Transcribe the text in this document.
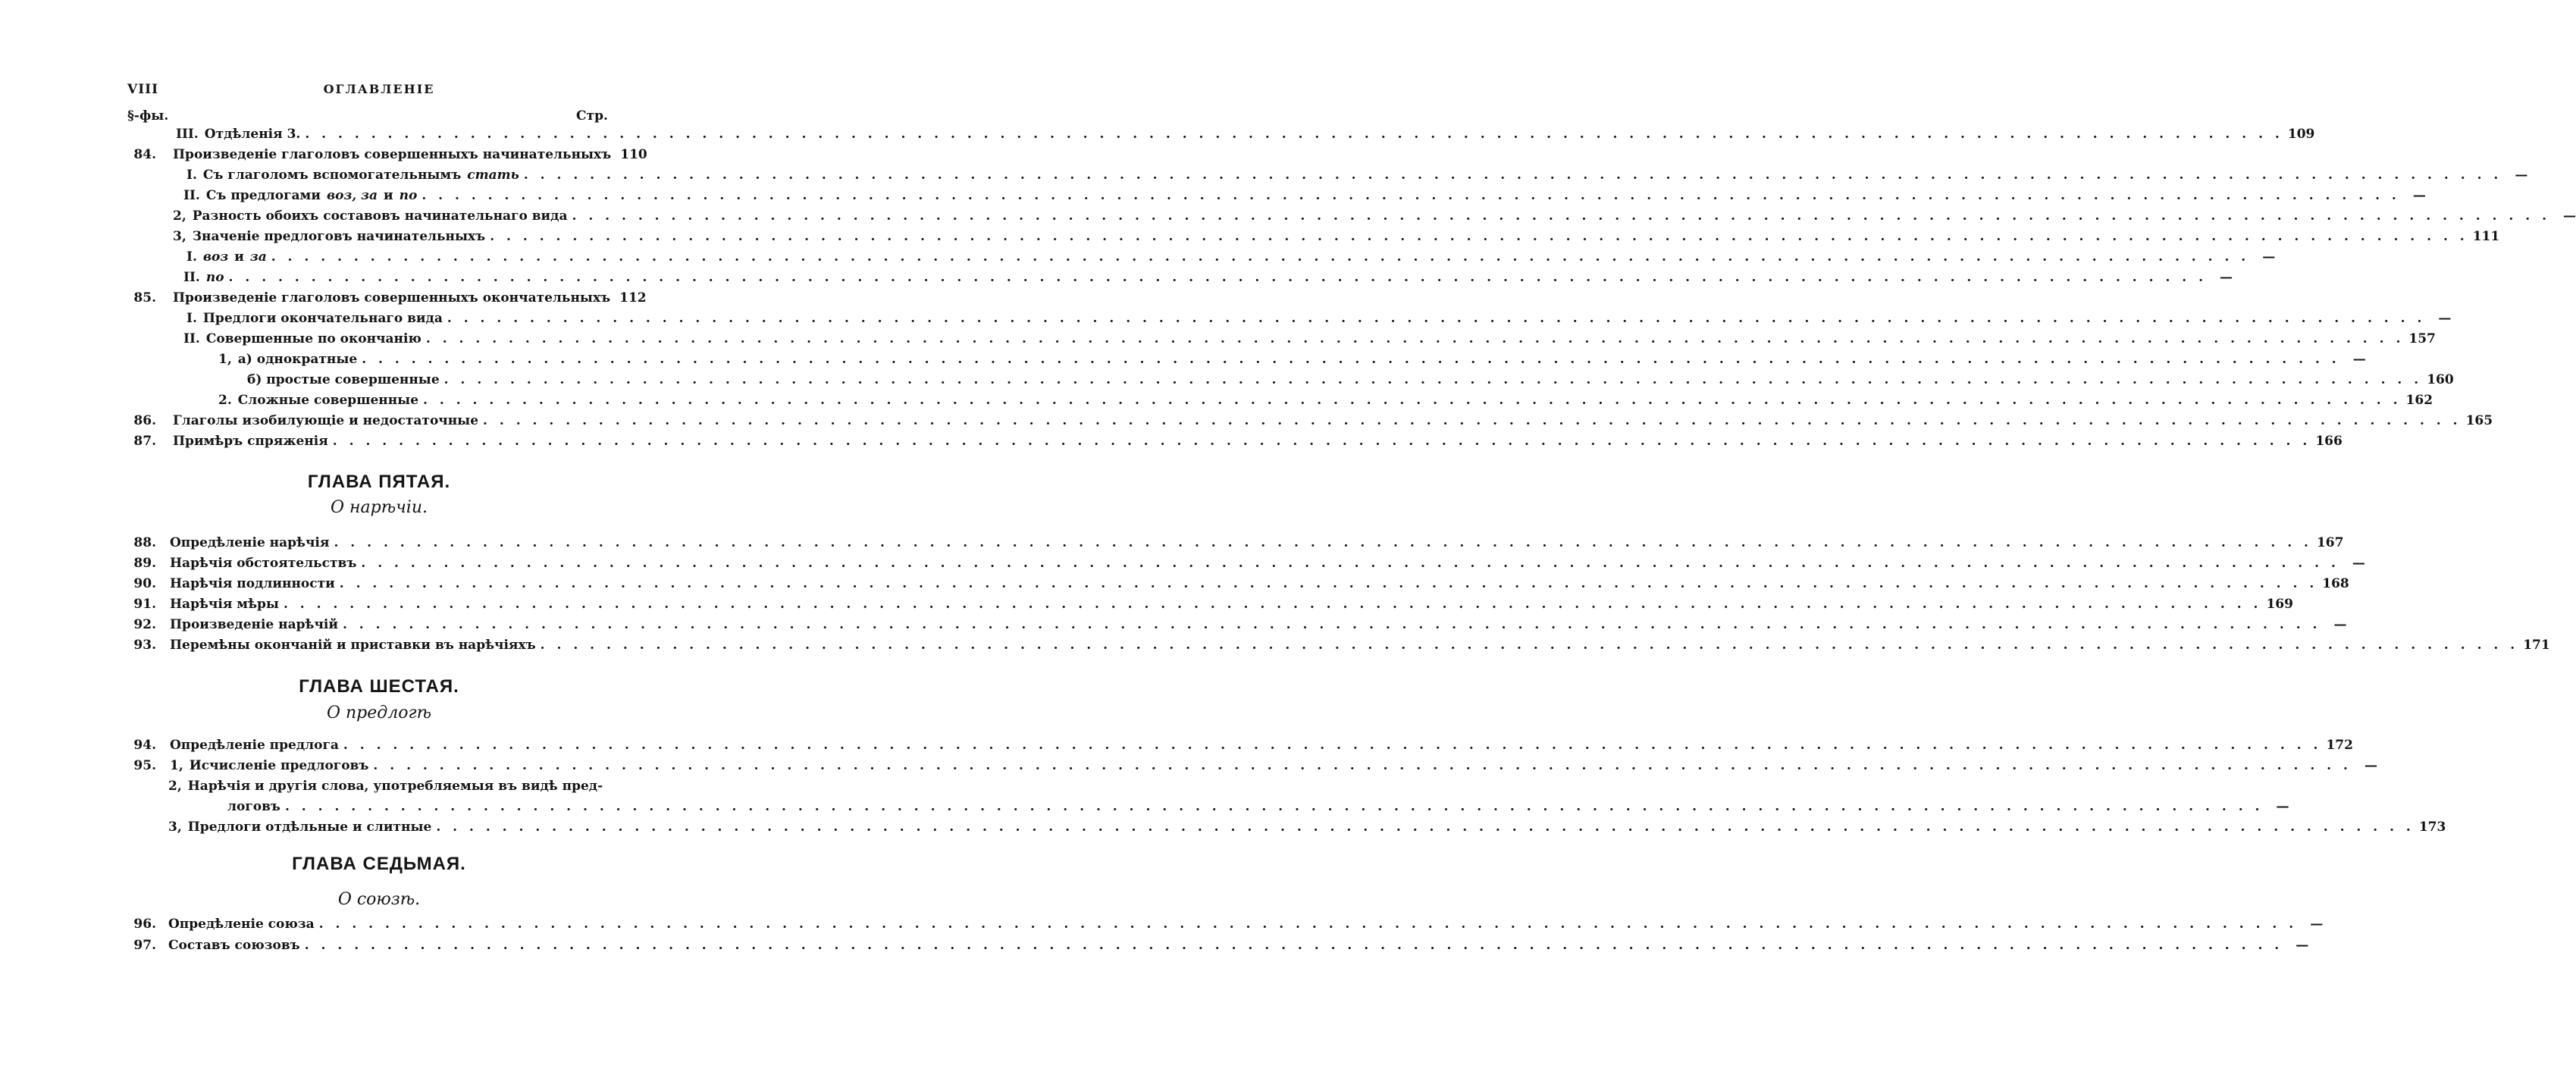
VIII	ОГЛАВЛЕНІЕ
§-фы.	Стр.
III. Отдѣленія 3. . . . . . . . . . . . . . . . . . . . . . . . . . . . . . . . . . . . . . . . . . . . . . . . . . . . . . . . . . . . . . . . . . . . . . . . . . . . . . . . . . . . . . . . . . . . . . . . . . . . . . . . . . . . . . . . . . . . . . . . . 109
84. Произведеніе глаголовъ совершенныхъ начинательныхъ 110
I. Съ глаголомъ вспомогательнымъ стать . . . . . . . . . . . . . . . . . . . . . . . . . . . . . . . . . . . . . . . . . . . . . . . . . . . . . . . . . . . . . . . . . . . . . . . . . . . . . . . . . . . . . . . . . . . . . . . . . . . . . . . . . . . . . . . . . . . . . . . .	—
II. Съ предлогами воз, за и по . . . . . . . . . . . . . . . . . . . . . . . . . . . . . . . . . . . . . . . . . . . . . . . . . . . . . . . . . . . . . . . . . . . . . . . . . . . . . . . . . . . . . . . . . . . . . . . . . . . . . . . . . . . . . . . . . . . . . . . .	—
2, Разность обоихъ составовъ начинательнаго вида . . . . . . . . . . . . . . . . . . . . . . . . . . . . . . . . . . . . . . . . . . . . . . . . . . . . . . . . . . . . . . . . . . . . . . . . . . . . . . . . . . . . . . . . . . . . . . . . . . . . . . . . . . . . . . . . . . . . . . . .	—
3, Значеніе предлоговъ начинательныхъ . . . . . . . . . . . . . . . . . . . . . . . . . . . . . . . . . . . . . . . . . . . . . . . . . . . . . . . . . . . . . . . . . . . . . . . . . . . . . . . . . . . . . . . . . . . . . . . . . . . . . . . . . . . . . . . . . . . . . . . . 111
I. воз и за . . . . . . . . . . . . . . . . . . . . . . . . . . . . . . . . . . . . . . . . . . . . . . . . . . . . . . . . . . . . . . . . . . . . . . . . . . . . . . . . . . . . . . . . . . . . . . . . . . . . . . . . . . . . . . . . . . . . . . . .	—
II. по . . . . . . . . . . . . . . . . . . . . . . . . . . . . . . . . . . . . . . . . . . . . . . . . . . . . . . . . . . . . . . . . . . . . . . . . . . . . . . . . . . . . . . . . . . . . . . . . . . . . . . . . . . . . . . . . . . . . . . . .	—
85. Произведеніе глаголовъ совершенныхъ окончательныхъ 112
I. Предлоги окончательнаго вида . . . . . . . . . . . . . . . . . . . . . . . . . . . . . . . . . . . . . . . . . . . . . . . . . . . . . . . . . . . . . . . . . . . . . . . . . . . . . . . . . . . . . . . . . . . . . . . . . . . . . . . . . . . . . . . . . . . . . . . .	—
II. Совершенные по окончанію . . . . . . . . . . . . . . . . . . . . . . . . . . . . . . . . . . . . . . . . . . . . . . . . . . . . . . . . . . . . . . . . . . . . . . . . . . . . . . . . . . . . . . . . . . . . . . . . . . . . . . . . . . . . . . . . . . . . . . . . 157
1, а) однократные . . . . . . . . . . . . . . . . . . . . . . . . . . . . . . . . . . . . . . . . . . . . . . . . . . . . . . . . . . . . . . . . . . . . . . . . . . . . . . . . . . . . . . . . . . . . . . . . . . . . . . . . . . . . . . . . . . . . . . . .	—
б) простые совершенные . . . . . . . . . . . . . . . . . . . . . . . . . . . . . . . . . . . . . . . . . . . . . . . . . . . . . . . . . . . . . . . . . . . . . . . . . . . . . . . . . . . . . . . . . . . . . . . . . . . . . . . . . . . . . . . . . . . . . . . . 160
2. Сложные совершенные . . . . . . . . . . . . . . . . . . . . . . . . . . . . . . . . . . . . . . . . . . . . . . . . . . . . . . . . . . . . . . . . . . . . . . . . . . . . . . . . . . . . . . . . . . . . . . . . . . . . . . . . . . . . . . . . . . . . . . . . 162
86. Глаголы изобилующіе и недостаточные . . . . . . . . . . . . . . . . . . . . . . . . . . . . . . . . . . . . . . . . . . . . . . . . . . . . . . . . . . . . . . . . . . . . . . . . . . . . . . . . . . . . . . . . . . . . . . . . . . . . . . . . . . . . . . . . . . . . . . . . 165
87. Примѣръ спряженія . . . . . . . . . . . . . . . . . . . . . . . . . . . . . . . . . . . . . . . . . . . . . . . . . . . . . . . . . . . . . . . . . . . . . . . . . . . . . . . . . . . . . . . . . . . . . . . . . . . . . . . . . . . . . . . . . . . . . . . . 166
ГЛАВА ПЯТАЯ.
О нарѣчіи.
88. Опредѣленіе нарѣчія . . . . . . . . . . . . . . . . . . . . . . . . . . . . . . . . . . . . . . . . . . . . . . . . . . . . . . . . . . . . . . . . . . . . . . . . . . . . . . . . . . . . . . . . . . . . . . . . . . . . . . . . . . . . . . . . . . . . . . . . 167
89. Нарѣчія обстоятельствъ . . . . . . . . . . . . . . . . . . . . . . . . . . . . . . . . . . . . . . . . . . . . . . . . . . . . . . . . . . . . . . . . . . . . . . . . . . . . . . . . . . . . . . . . . . . . . . . . . . . . . . . . . . . . . . . . . . . . . . . .	—
90. Нарѣчія подлинности . . . . . . . . . . . . . . . . . . . . . . . . . . . . . . . . . . . . . . . . . . . . . . . . . . . . . . . . . . . . . . . . . . . . . . . . . . . . . . . . . . . . . . . . . . . . . . . . . . . . . . . . . . . . . . . . . . . . . . . . 168
91. Нарѣчія мѣры . . . . . . . . . . . . . . . . . . . . . . . . . . . . . . . . . . . . . . . . . . . . . . . . . . . . . . . . . . . . . . . . . . . . . . . . . . . . . . . . . . . . . . . . . . . . . . . . . . . . . . . . . . . . . . . . . . . . . . . . 169
92. Произведеніе нарѣчій . . . . . . . . . . . . . . . . . . . . . . . . . . . . . . . . . . . . . . . . . . . . . . . . . . . . . . . . . . . . . . . . . . . . . . . . . . . . . . . . . . . . . . . . . . . . . . . . . . . . . . . . . . . . . . . . . . . . . . . .	—
93. Перемѣны окончаній и приставки въ нарѣчіяхъ . . . . . . . . . . . . . . . . . . . . . . . . . . . . . . . . . . . . . . . . . . . . . . . . . . . . . . . . . . . . . . . . . . . . . . . . . . . . . . . . . . . . . . . . . . . . . . . . . . . . . . . . . . . . . . . . . . . . . . . . 171
ГЛАВА ШЕСТАЯ.
О предлогѣ
94. Опредѣленіе предлога . . . . . . . . . . . . . . . . . . . . . . . . . . . . . . . . . . . . . . . . . . . . . . . . . . . . . . . . . . . . . . . . . . . . . . . . . . . . . . . . . . . . . . . . . . . . . . . . . . . . . . . . . . . . . . . . . . . . . . . . 172
95. 1, Исчисленіе предлоговъ . . . . . . . . . . . . . . . . . . . . . . . . . . . . . . . . . . . . . . . . . . . . . . . . . . . . . . . . . . . . . . . . . . . . . . . . . . . . . . . . . . . . . . . . . . . . . . . . . . . . . . . . . . . . . . . . . . . . . . . .	—
2, Нарѣчія и другія слова, употребляемыя въ видѣ пред-
логовъ . . . . . . . . . . . . . . . . . . . . . . . . . . . . . . . . . . . . . . . . . . . . . . . . . . . . . . . . . . . . . . . . . . . . . . . . . . . . . . . . . . . . . . . . . . . . . . . . . . . . . . . . . . . . . . . . . . . . . . . .	—
3, Предлоги отдѣльные и слитные . . . . . . . . . . . . . . . . . . . . . . . . . . . . . . . . . . . . . . . . . . . . . . . . . . . . . . . . . . . . . . . . . . . . . . . . . . . . . . . . . . . . . . . . . . . . . . . . . . . . . . . . . . . . . . . . . . . . . . . . 173
ГЛАВА СЕДЬМАЯ.
О союзѣ.
96. Опредѣленіе союза . . . . . . . . . . . . . . . . . . . . . . . . . . . . . . . . . . . . . . . . . . . . . . . . . . . . . . . . . . . . . . . . . . . . . . . . . . . . . . . . . . . . . . . . . . . . . . . . . . . . . . . . . . . . . . . . . . . . . . . .	—
97. Составъ союзовъ . . . . . . . . . . . . . . . . . . . . . . . . . . . . . . . . . . . . . . . . . . . . . . . . . . . . . . . . . . . . . . . . . . . . . . . . . . . . . . . . . . . . . . . . . . . . . . . . . . . . . . . . . . . . . . . . . . . . . . . .	—
